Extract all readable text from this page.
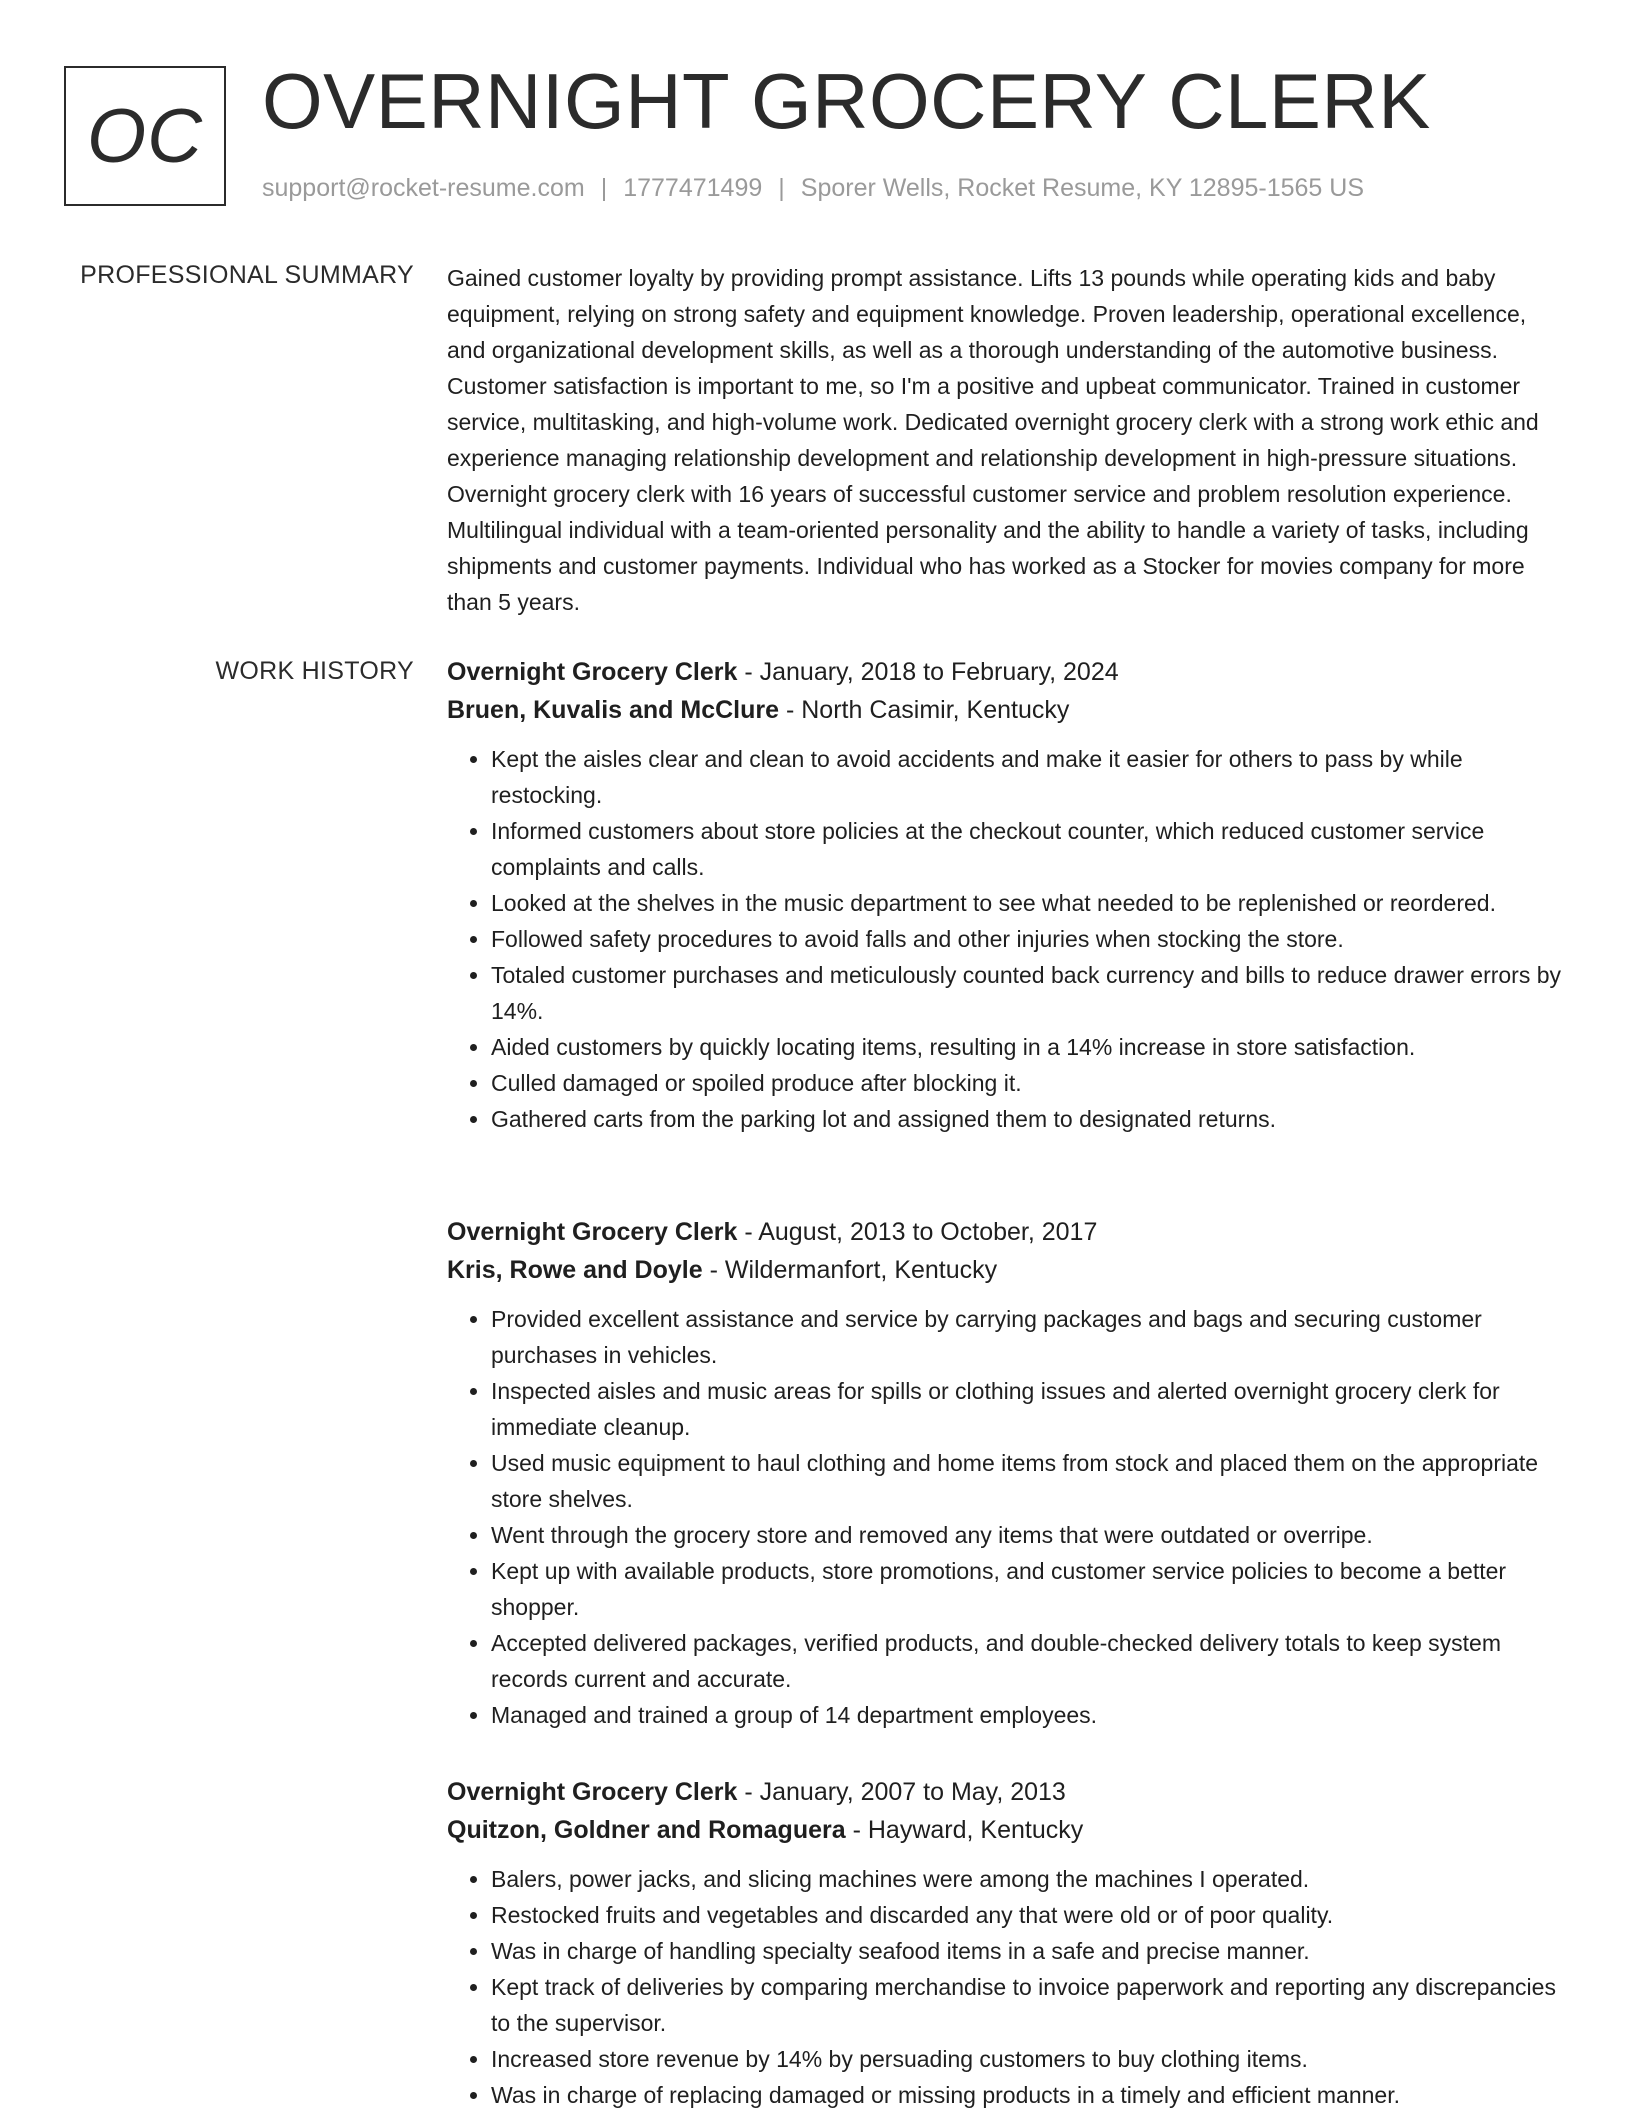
OC OVERNIGHT GROCERY CLERK
support@rocket-resume.com | 1777471499 | Sporer Wells, Rocket Resume, KY 12895-1565 US
PROFESSIONAL SUMMARY Gained customer loyalty by providing prompt assistance. Lifts 13 pounds while operating kids and baby equipment, relying on strong safety and equipment knowledge. Proven leadership, operational excellence, and organizational development skills, as well as a thorough understanding of the automotive business. Customer satisfaction is important to me, so I'm a positive and upbeat communicator. Trained in customer service, multitasking, and high-volume work. Dedicated overnight grocery clerk with a strong work ethic and experience managing relationship development and relationship development in high-pressure situations. Overnight grocery clerk with 16 years of successful customer service and problem resolution experience. Multilingual individual with a team-oriented personality and the ability to handle a variety of tasks, including shipments and customer payments. Individual who has worked as a Stocker for movies company for more than 5 years.

WORK HISTORY Overnight Grocery Clerk - January, 2018 to February, 2024
Bruen, Kuvalis and McClure - North Casimir, Kentucky
• Kept the aisles clear and clean to avoid accidents and make it easier for others to pass by while restocking.
• Informed customers about store policies at the checkout counter, which reduced customer service complaints and calls.
• Looked at the shelves in the music department to see what needed to be replenished or reordered.
• Followed safety procedures to avoid falls and other injuries when stocking the store.
• Totaled customer purchases and meticulously counted back currency and bills to reduce drawer errors by 14%.
• Aided customers by quickly locating items, resulting in a 14% increase in store satisfaction.
• Culled damaged or spoiled produce after blocking it.
• Gathered carts from the parking lot and assigned them to designated returns.
Overnight Grocery Clerk - August, 2013 to October, 2017
Kris, Rowe and Doyle - Wildermanfort, Kentucky
• Provided excellent assistance and service by carrying packages and bags and securing customer purchases in vehicles.
• Inspected aisles and music areas for spills or clothing issues and alerted overnight grocery clerk for immediate cleanup.
• Used music equipment to haul clothing and home items from stock and placed them on the appropriate store shelves.
• Went through the grocery store and removed any items that were outdated or overripe.
• Kept up with available products, store promotions, and customer service policies to become a better shopper.
• Accepted delivered packages, verified products, and double-checked delivery totals to keep system records current and accurate.
• Managed and trained a group of 14 department employees.
Overnight Grocery Clerk - January, 2007 to May, 2013
Quitzon, Goldner and Romaguera - Hayward, Kentucky
• Balers, power jacks, and slicing machines were among the machines I operated.
• Restocked fruits and vegetables and discarded any that were old or of poor quality.
• Was in charge of handling specialty seafood items in a safe and precise manner.
• Kept track of deliveries by comparing merchandise to invoice paperwork and reporting any discrepancies to the supervisor.
• Increased store revenue by 14% by persuading customers to buy clothing items.
• Was in charge of replacing damaged or missing products in a timely and efficient manner.
